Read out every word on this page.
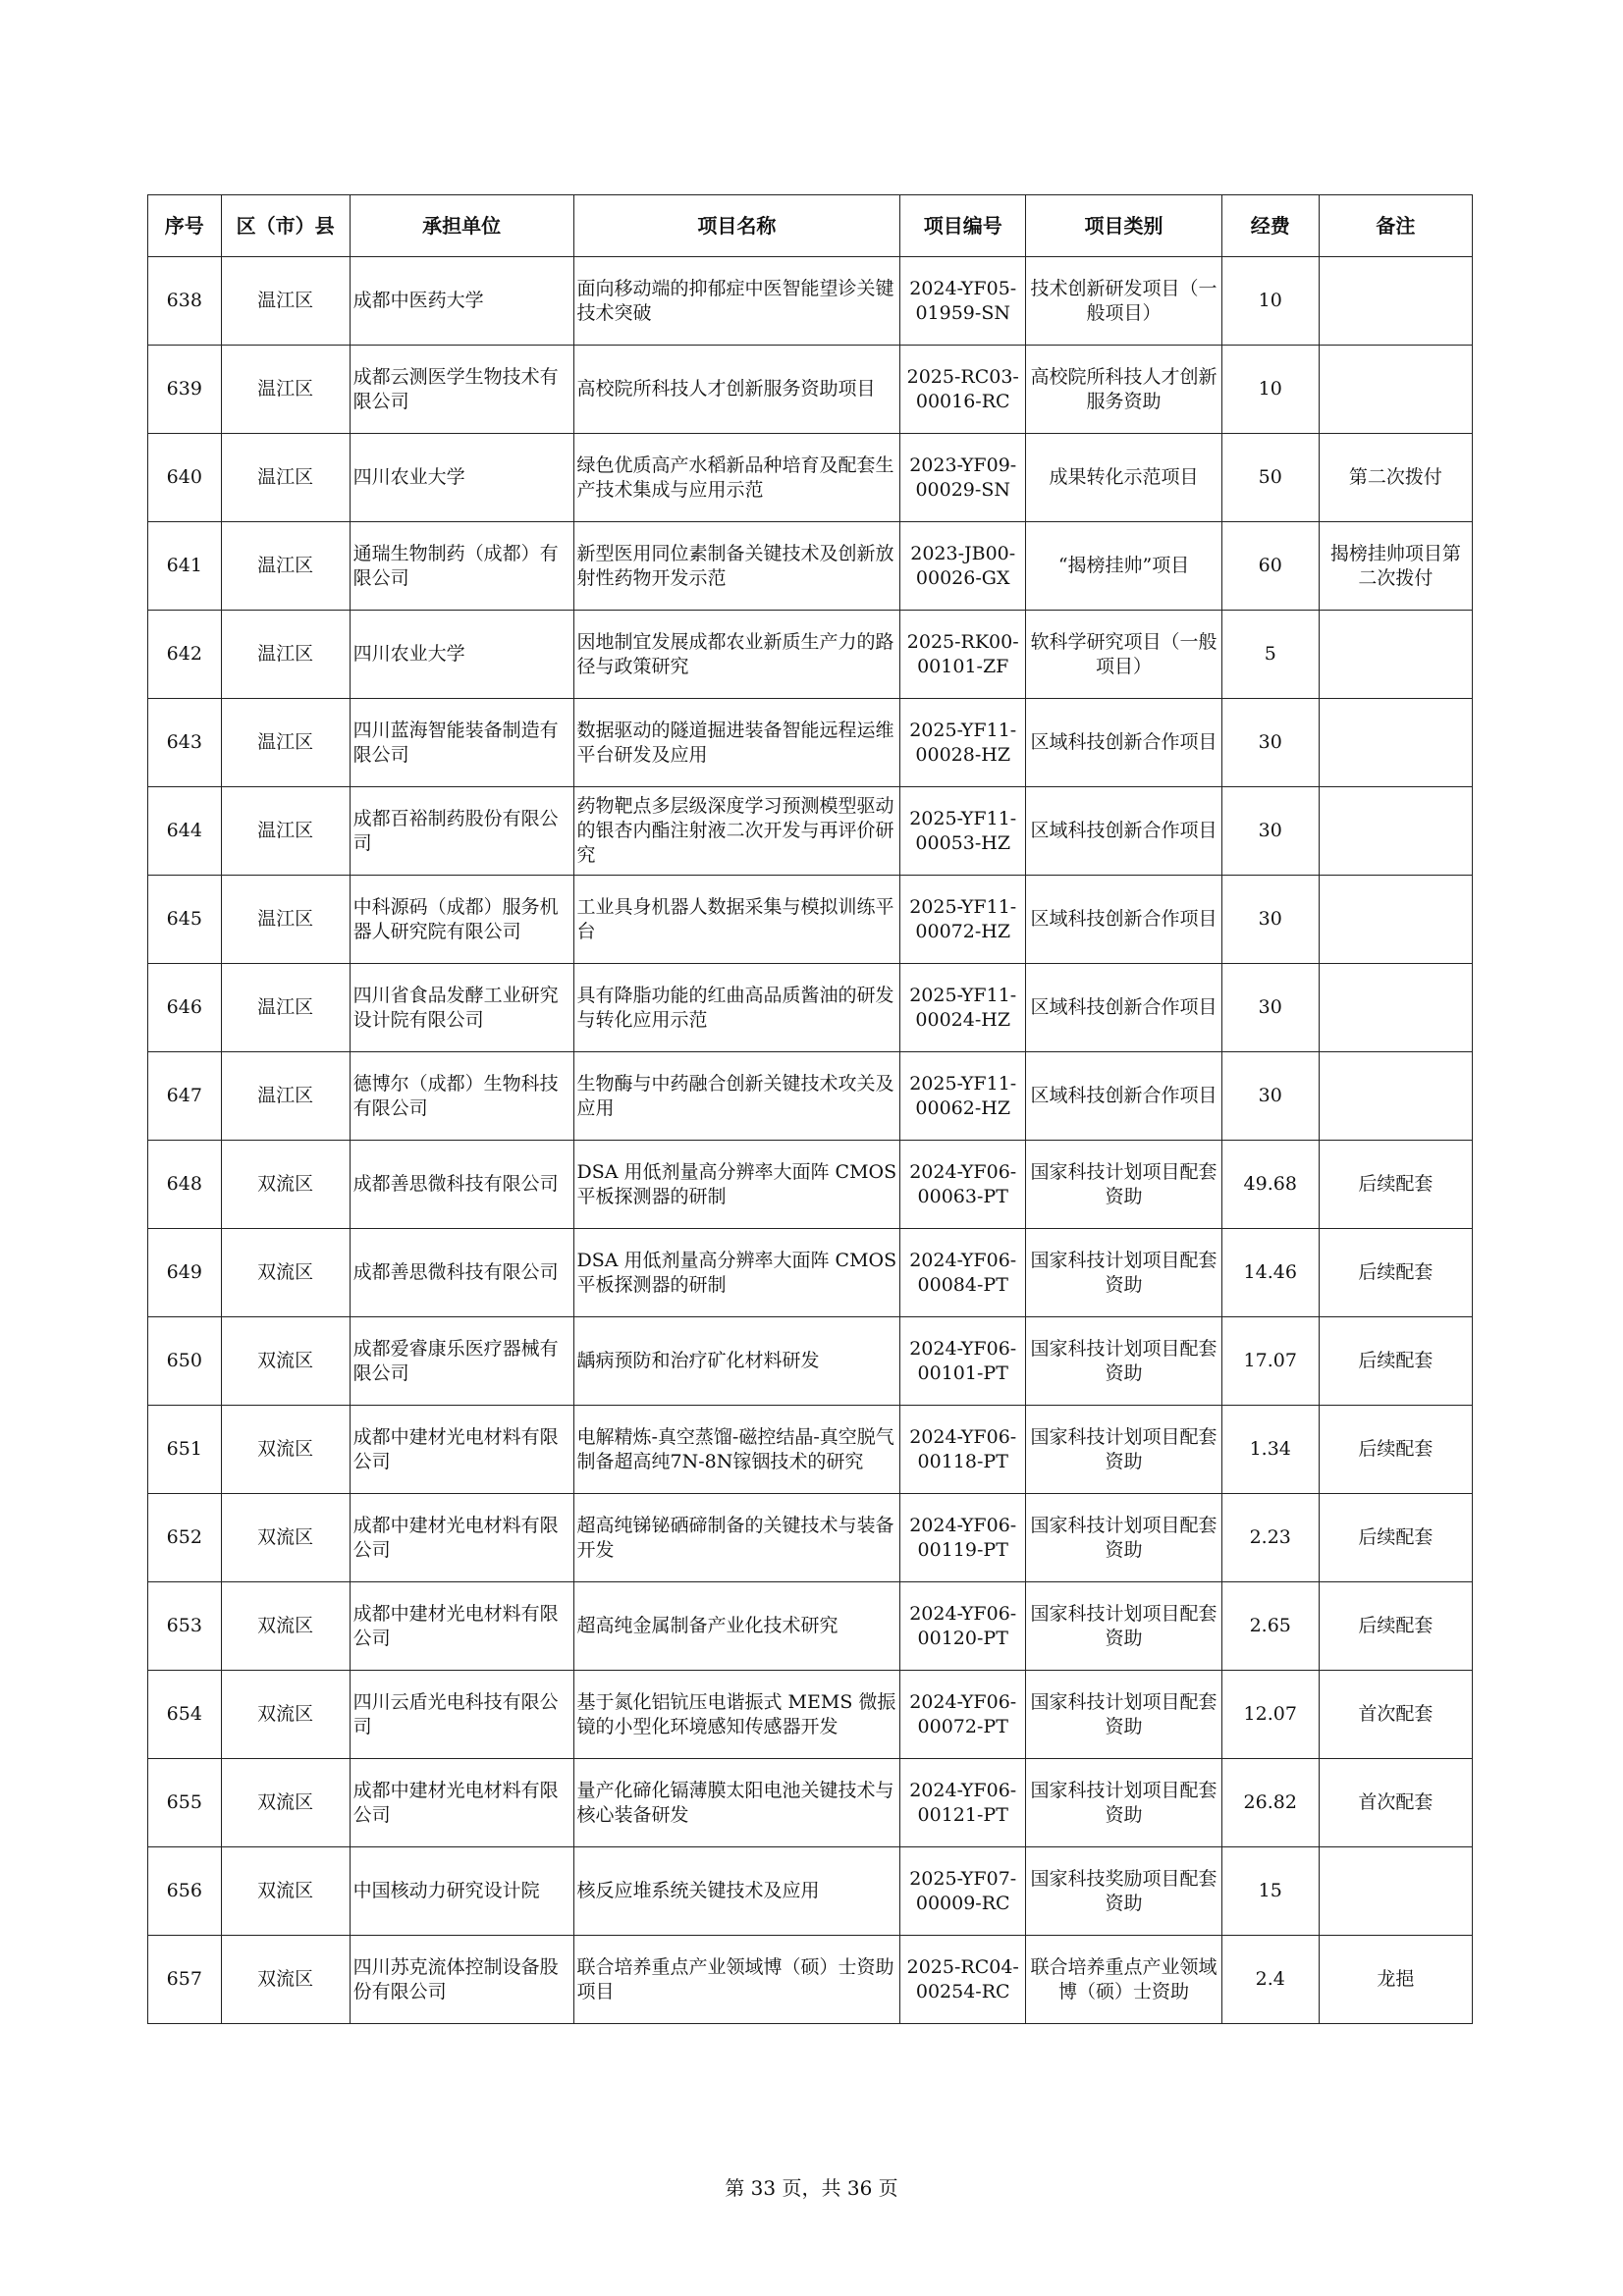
序号	区（市）县	承担单位	项目名称	项目编号	项目类别	经费	备注
638	温江区	成都中医药大学	面向移动端的抑郁症中医智能望诊关键技术突破	2024-YF05-01959-SN	技术创新研发项目（一般项目）	10	
639	温江区	成都云测医学生物技术有限公司	高校院所科技人才创新服务资助项目	2025-RC03-00016-RC	高校院所科技人才创新服务资助	10	
640	温江区	四川农业大学	绿色优质高产水稻新品种培育及配套生产技术集成与应用示范	2023-YF09-00029-SN	成果转化示范项目	50	第二次拨付
641	温江区	通瑞生物制药（成都）有限公司	新型医用同位素制备关键技术及创新放射性药物开发示范	2023-JB00-00026-GX	“揭榜挂帅”项目	60	揭榜挂帅项目第二次拨付
642	温江区	四川农业大学	因地制宜发展成都农业新质生产力的路径与政策研究	2025-RK00-00101-ZF	软科学研究项目（一般项目）	5	
643	温江区	四川蓝海智能装备制造有限公司	数据驱动的隧道掘进装备智能远程运维平台研发及应用	2025-YF11-00028-HZ	区域科技创新合作项目	30	
644	温江区	成都百裕制药股份有限公司	药物靶点多层级深度学习预测模型驱动的银杏内酯注射液二次开发与再评价研究	2025-YF11-00053-HZ	区域科技创新合作项目	30	
645	温江区	中科源码（成都）服务机器人研究院有限公司	工业具身机器人数据采集与模拟训练平台	2025-YF11-00072-HZ	区域科技创新合作项目	30	
646	温江区	四川省食品发酵工业研究设计院有限公司	具有降脂功能的红曲高品质酱油的研发与转化应用示范	2025-YF11-00024-HZ	区域科技创新合作项目	30	
647	温江区	德博尔（成都）生物科技有限公司	生物酶与中药融合创新关键技术攻关及应用	2025-YF11-00062-HZ	区域科技创新合作项目	30	
648	双流区	成都善思微科技有限公司	DSA 用低剂量高分辨率大面阵 CMOS 平板探测器的研制	2024-YF06-00063-PT	国家科技计划项目配套资助	49.68	后续配套
649	双流区	成都善思微科技有限公司	DSA 用低剂量高分辨率大面阵 CMOS 平板探测器的研制	2024-YF06-00084-PT	国家科技计划项目配套资助	14.46	后续配套
650	双流区	成都爱睿康乐医疗器械有限公司	龋病预防和治疗矿化材料研发	2024-YF06-00101-PT	国家科技计划项目配套资助	17.07	后续配套
651	双流区	成都中建材光电材料有限公司	电解精炼-真空蒸馏-磁控结晶-真空脱气制备超高纯7N-8N镓铟技术的研究	2024-YF06-00118-PT	国家科技计划项目配套资助	1.34	后续配套
652	双流区	成都中建材光电材料有限公司	超高纯锑铋硒碲制备的关键技术与装备开发	2024-YF06-00119-PT	国家科技计划项目配套资助	2.23	后续配套
653	双流区	成都中建材光电材料有限公司	超高纯金属制备产业化技术研究	2024-YF06-00120-PT	国家科技计划项目配套资助	2.65	后续配套
654	双流区	四川云盾光电科技有限公司	基于氮化铝钪压电谐振式 MEMS 微振镜的小型化环境感知传感器开发	2024-YF06-00072-PT	国家科技计划项目配套资助	12.07	首次配套
655	双流区	成都中建材光电材料有限公司	量产化碲化镉薄膜太阳电池关键技术与核心装备研发	2024-YF06-00121-PT	国家科技计划项目配套资助	26.82	首次配套
656	双流区	中国核动力研究设计院	核反应堆系统关键技术及应用	2025-YF07-00009-RC	国家科技奖励项目配套资助	15	
657	双流区	四川苏克流体控制设备股份有限公司	联合培养重点产业领域博（硕）士资助项目	2025-RC04-00254-RC	联合培养重点产业领域博（硕）士资助	2.4	龙挹
第 33 页，共 36 页
